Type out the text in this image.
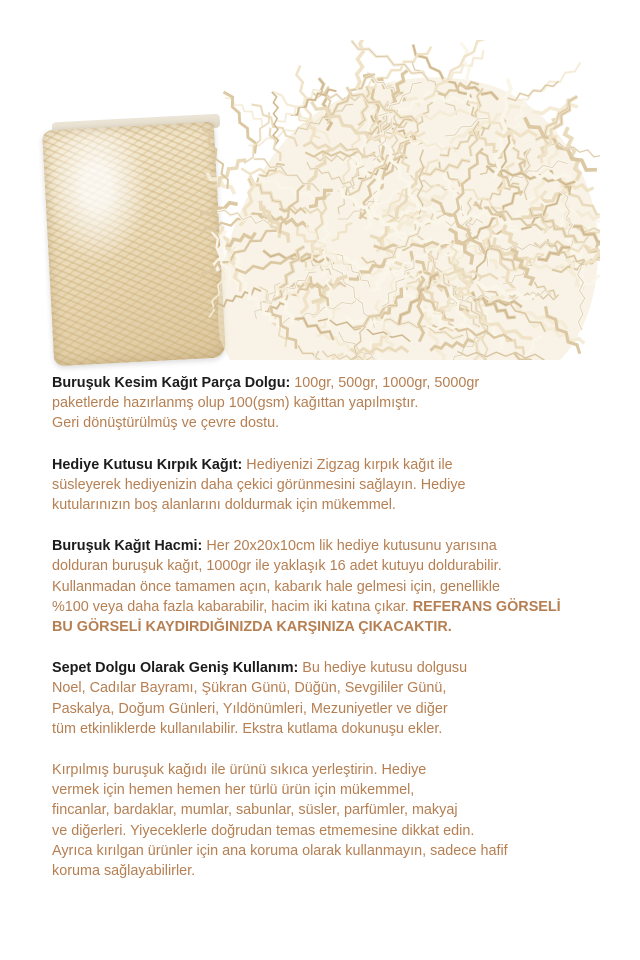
Buruşuk Kesim Kağıt Parça Dolgu: 100gr, 500gr, 1000gr, 5000gr
paketlerde hazırlanmş olup 100(gsm) kağıttan yapılmıştır.
Geri dönüştürülmüş ve çevre dostu.

Hediye Kutusu Kırpık Kağıt: Hediyenizi Zigzag kırpık kağıt ile
süsleyerek hediyenizin daha çekici görünmesini sağlayın. Hediye
kutularınızın boş alanlarını doldurmak için mükemmel.

Buruşuk Kağıt Hacmi: Her 20x20x10cm lik hediye kutusunu yarısına
dolduran buruşuk kağıt, 1000gr ile yaklaşık 16 adet kutuyu doldurabilir.
Kullanmadan önce tamamen açın, kabarık hale gelmesi için, genellikle
%100 veya daha fazla kabarabilir, hacim iki katına çıkar. REFERANS GÖRSELİ
BU GÖRSELİ KAYDIRDIĞINIZDA KARŞINIZA ÇIKACAKTIR.

Sepet Dolgu Olarak Geniş Kullanım: Bu hediye kutusu dolgusu
Noel, Cadılar Bayramı, Şükran Günü, Düğün, Sevgililer Günü,
Paskalya, Doğum Günleri, Yıldönümleri, Mezuniyetler ve diğer
tüm etkinliklerde kullanılabilir. Ekstra kutlama dokunuşu ekler.

Kırpılmış buruşuk kağıdı ile ürünü sıkıca yerleştirin. Hediye
vermek için hemen hemen her türlü ürün için mükemmel,
fincanlar, bardaklar, mumlar, sabunlar, süsler, parfümler, makyaj
ve diğerleri. Yiyeceklerle doğrudan temas etmemesine dikkat edin.
Ayrıca kırılgan ürünler için ana koruma olarak kullanmayın, sadece hafif
koruma sağlayabilirler.
